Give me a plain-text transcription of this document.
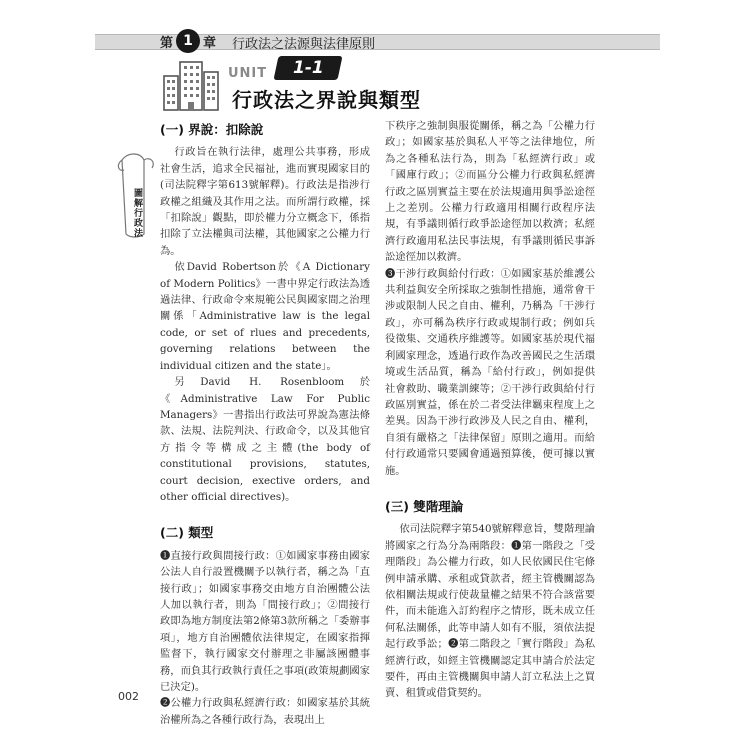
第 1 章 行政法之法源與法律原則
UNIT 1-1
行政法之界說與類型
圖解行政法
(一) 界說：扣除說

行政旨在執行法律，處理公共事務，形成社會生活，追求全民福祉，進而實現國家目的(司法院釋字第613號解釋)。行政法是指涉行政權之組織及其作用之法。而所謂行政權，採「扣除說」觀點，即於權力分立概念下，係指扣除了立法權與司法權，其他國家之公權力行為。

依David Robertson於《A Dictionary of Modern Politics》一書中界定行政法為透過法律、行政命令來規範公民與國家間之治理關係「Administrative law is the legal code, or set of rlues and precedents, governing relations between the individual citizen and the state」。

另David H. Rosenbloom於《Administrative Law For Public Managers》一書指出行政法可界說為憲法條款、法規、法院判決、行政命令，以及其他官方指令等構成之主體(the body of constitutional provisions, statutes, court decision, exective orders, and other official directives)。

(二) 類型

❶直接行政與間接行政：①如國家事務由國家公法人自行設置機關予以執行者，稱之為「直接行政」；如國家事務交由地方自治團體公法人加以執行者，則為「間接行政」；②間接行政即為地方制度法第2條第3款所稱之「委辦事項」，地方自治團體依法律規定，在國家指揮監督下，執行國家交付辦理之非屬該團體事務，而負其行政執行責任之事項(政策規劃國家已決定)。

❷公權力行政與私經濟行政：如國家基於其統治權所為之各種行政行為，表現出上

下秩序之強制與服從關係，稱之為「公權力行政」；如國家基於與私人平等之法律地位，所為之各種私法行為，則為「私經濟行政」或「國庫行政」；②而區分公權力行政與私經濟行政之區別實益主要在於法規適用與爭訟途徑上之差別。公權力行政適用相關行政程序法規，有爭議則循行政爭訟途徑加以救濟；私經濟行政適用私法民事法規，有爭議則循民事訴訟途徑加以救濟。

❸干涉行政與給付行政：①如國家基於維護公共利益與安全所採取之強制性措施，通常會干涉或限制人民之自由、權利，乃稱為「干涉行政」，亦可稱為秩序行政或規制行政；例如兵役徵集、交通秩序維護等。如國家基於現代福利國家理念，透過行政作為改善國民之生活環境或生活品質，稱為「給付行政」，例如提供社會救助、職業訓練等；②干涉行政與給付行政區別實益，係在於二者受法律羈束程度上之差異。因為干涉行政涉及人民之自由、權利，自須有嚴格之「法律保留」原則之適用。而給付行政通常只要國會通過預算後，便可據以實施。

(三) 雙階理論

依司法院釋字第540號解釋意旨，雙階理論將國家之行為分為兩階段：❶第一階段之「受理階段」為公權力行政，如人民依國民住宅條例申請承購、承租或貸款者，經主管機關認為依相關法規或行使裁量權之結果不符合該當要件，而未能進入訂約程序之情形，既未成立任何私法關係，此等申請人如有不服，須依法提起行政爭訟；❷第二階段之「實行階段」為私經濟行政，如經主管機關認定其申請合於法定要件，再由主管機關與申請人訂立私法上之買賣、租賃或借貸契約。

002
